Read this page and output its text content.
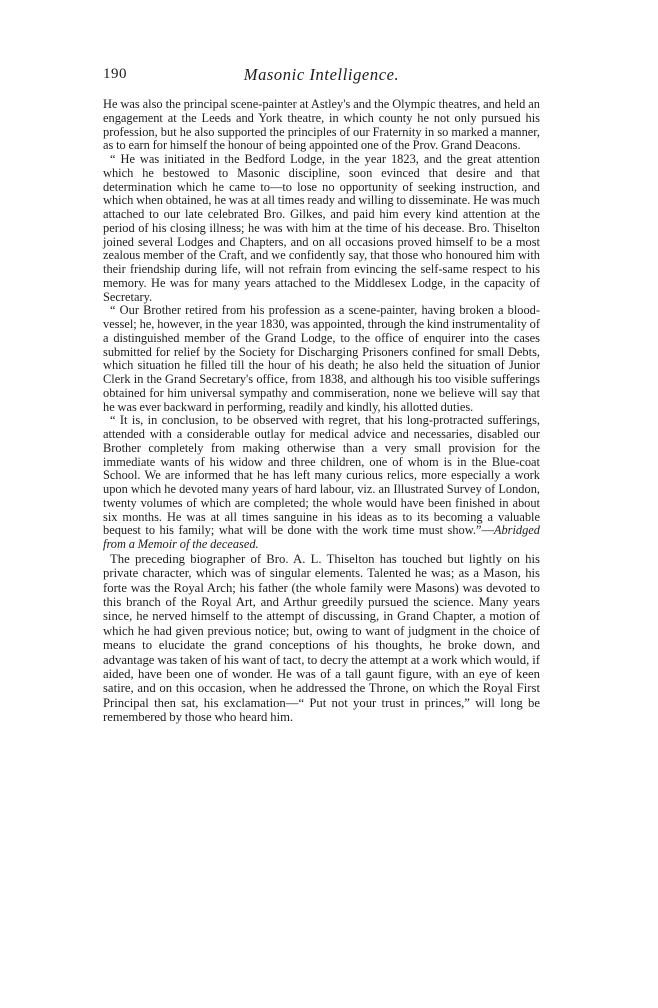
190	Masonic Intelligence.

He was also the principal scene-painter at Astley's and the Olympic theatres, and held an engagement at the Leeds and York theatre, in which county he not only pursued his profession, but he also supported the principles of our Fraternity in so marked a manner, as to earn for himself the honour of being appointed one of the Prov. Grand Deacons.

“ He was initiated in the Bedford Lodge, in the year 1823, and the great attention which he bestowed to Masonic discipline, soon evinced that desire and that determination which he came to—to lose no opportunity of seeking instruction, and which when obtained, he was at all times ready and willing to disseminate. He was much attached to our late celebrated Bro. Gilkes, and paid him every kind attention at the period of his closing illness; he was with him at the time of his decease. Bro. Thiselton joined several Lodges and Chapters, and on all occasions proved himself to be a most zealous member of the Craft, and we confidently say, that those who honoured him with their friendship during life, will not refrain from evincing the self-same respect to his memory. He was for many years attached to the Middlesex Lodge, in the capacity of Secretary.

“ Our Brother retired from his profession as a scene-painter, having broken a blood-vessel; he, however, in the year 1830, was appointed, through the kind instrumentality of a distinguished member of the Grand Lodge, to the office of enquirer into the cases submitted for relief by the Society for Discharging Prisoners confined for small Debts, which situation he filled till the hour of his death; he also held the situation of Junior Clerk in the Grand Secretary's office, from 1838, and although his too visible sufferings obtained for him universal sympathy and commiseration, none we believe will say that he was ever backward in performing, readily and kindly, his allotted duties.

“ It is, in conclusion, to be observed with regret, that his long-protracted sufferings, attended with a considerable outlay for medical advice and necessaries, disabled our Brother completely from making otherwise than a very small provision for the immediate wants of his widow and three children, one of whom is in the Blue-coat School. We are informed that he has left many curious relics, more especially a work upon which he devoted many years of hard labour, viz. an Illustrated Survey of London, twenty volumes of which are completed; the whole would have been finished in about six months. He was at all times sanguine in his ideas as to its becoming a valuable bequest to his family; what will be done with the work time must show.”—Abridged from a Memoir of the deceased.

The preceding biographer of Bro. A. L. Thiselton has touched but lightly on his private character, which was of singular elements. Talented he was; as a Mason, his forte was the Royal Arch; his father (the whole family were Masons) was devoted to this branch of the Royal Art, and Arthur greedily pursued the science. Many years since, he nerved himself to the attempt of discussing, in Grand Chapter, a motion of which he had given previous notice; but, owing to want of judgment in the choice of means to elucidate the grand conceptions of his thoughts, he broke down, and advantage was taken of his want of tact, to decry the attempt at a work which would, if aided, have been one of wonder. He was of a tall gaunt figure, with an eye of keen satire, and on this occasion, when he addressed the Throne, on which the Royal First Principal then sat, his exclamation—“ Put not your trust in princes,” will long be remembered by those who heard him.
